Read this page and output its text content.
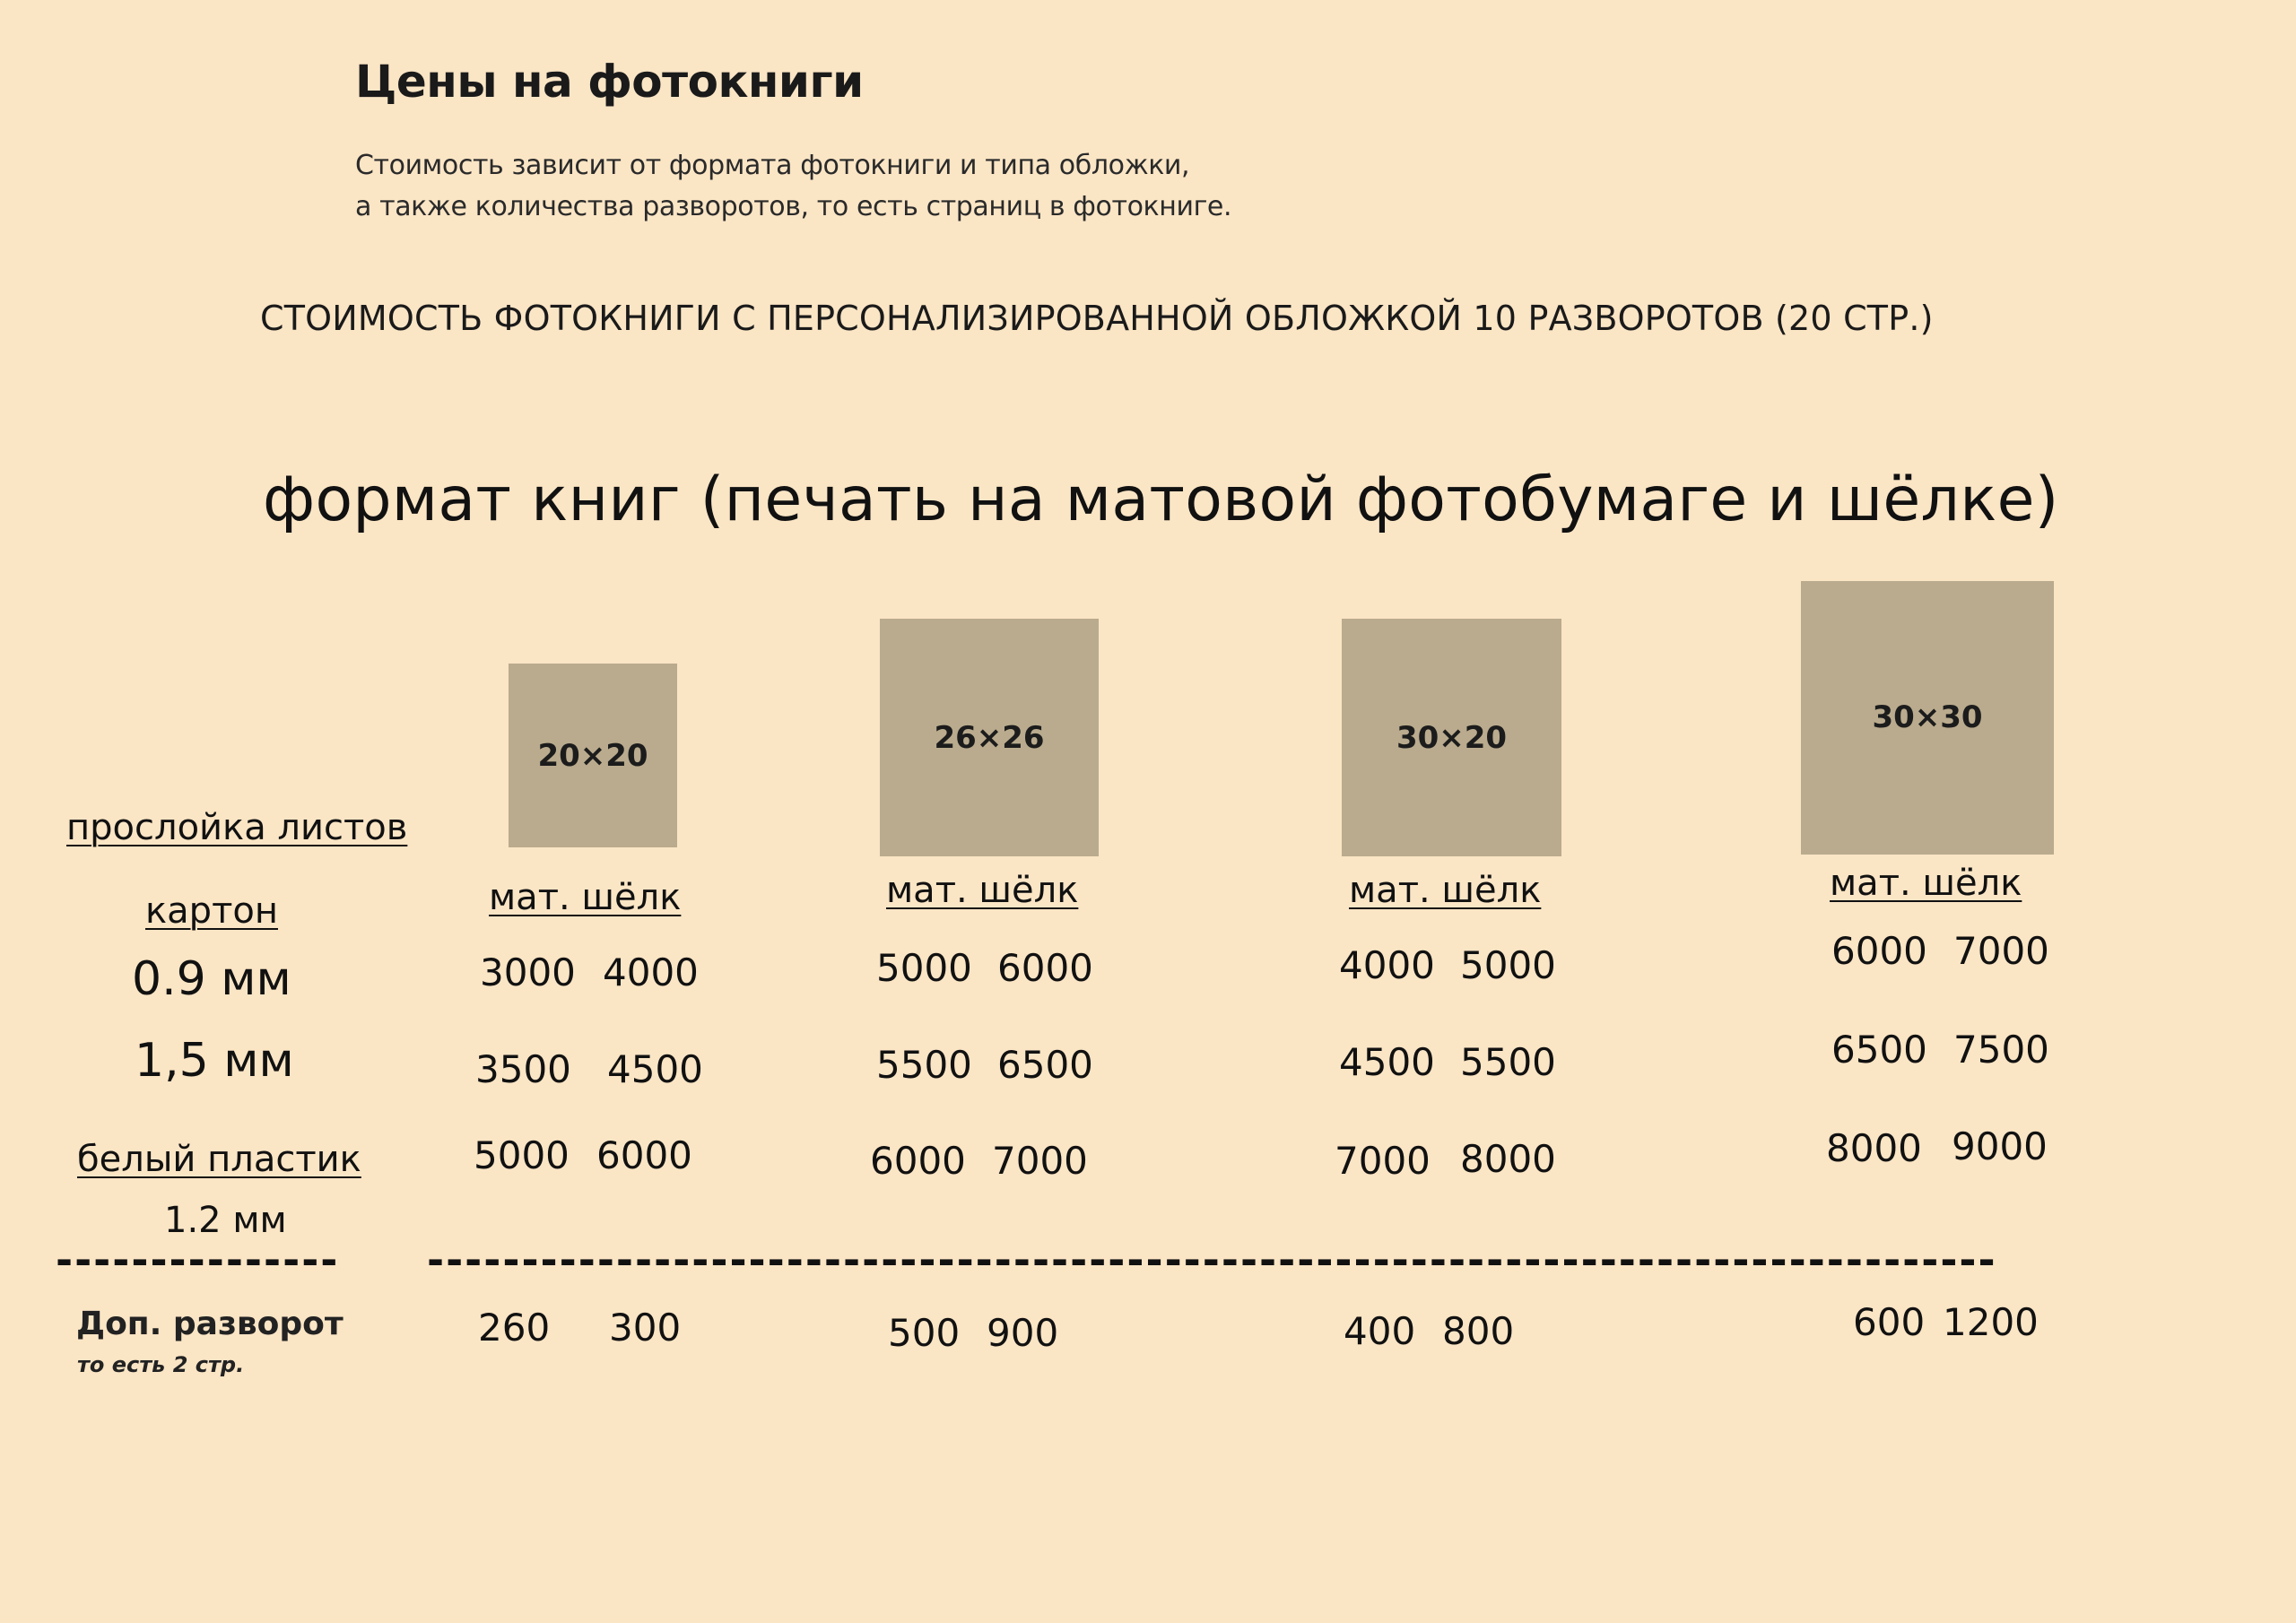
Цены на фотокниги
Стоимость зависит от формата фотокниги и типа обложки,
а также количества разворотов, то есть страниц в фотокниге.
СТОИМОСТЬ ФОТОКНИГИ С ПЕРСОНАЛИЗИРОВАННОЙ ОБЛОЖКОЙ 10 РАЗВОРОТОВ (20 СТР.)
формат книг (печать на матовой фотобумаге и шёлке)
прослойка листов
картон
0.9 мм
1,5 мм
белый пластик
1.2 мм
---------------	-----------------------------------------------------------------------------------
Доп. разворот
то есть 2 стр.
20×20
мат. шёлк
3000 4000
3500 4500
5000 6000
260 300
26×26
мат. шёлк
5000 6000
5500 6500
6000 7000
500 900
30×20
мат. шёлк
4000 5000
4500 5500
7000 8000
400 800
30×30
мат. шёлк
6000 7000
6500 7500
8000 9000
600 1200
